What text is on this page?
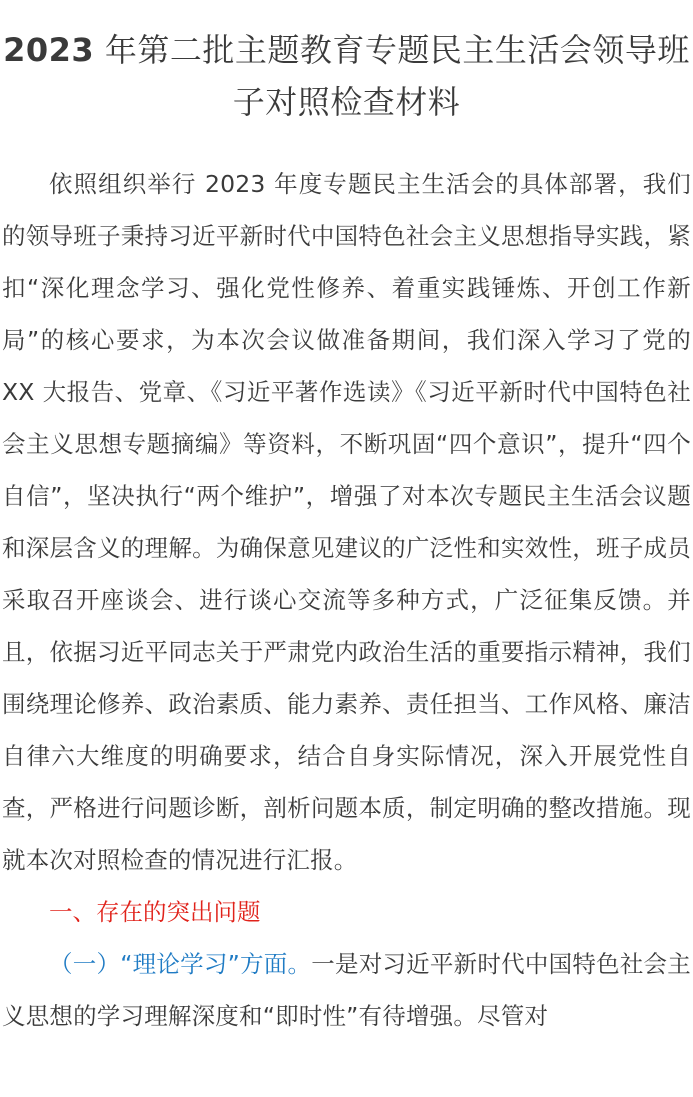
2023 年第二批主题教育专题民主生活会领导班子对照检查材料

依照组织举行 2023 年度专题民主生活会的具体部署，我们的领导班子秉持习近平新时代中国特色社会主义思想指导实践，紧扣“深化理念学习、强化党性修养、着重实践锤炼、开创工作新局”的核心要求，为本次会议做准备期间，我们深入学习了党的 XX 大报告、党章、《习近平著作选读》《习近平新时代中国特色社会主义思想专题摘编》等资料，不断巩固“四个意识”，提升“四个自信”，坚决执行“两个维护”，增强了对本次专题民主生活会议题和深层含义的理解。为确保意见建议的广泛性和实效性，班子成员采取召开座谈会、进行谈心交流等多种方式，广泛征集反馈。并且，依据习近平同志关于严肃党内政治生活的重要指示精神，我们围绕理论修养、政治素质、能力素养、责任担当、工作风格、廉洁自律六大维度的明确要求，结合自身实际情况，深入开展党性自查，严格进行问题诊断，剖析问题本质，制定明确的整改措施。现就本次对照检查的情况进行汇报。

一、存在的突出问题

（一）“理论学习”方面。一是对习近平新时代中国特色社会主义思想的学习理解深度和“即时性”有待增强。尽管对
